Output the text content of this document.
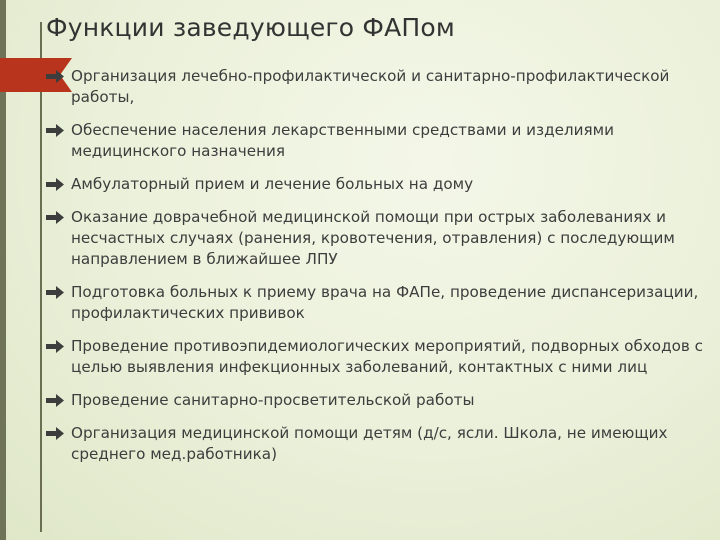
Функции заведующего ФАПом
Организация лечебно-профилактической и санитарно-профилактической работы,
Обеспечение населения лекарственными средствами и изделиями медицинского назначения
Амбулаторный прием и лечение больных на дому
Оказание доврачебной медицинской помощи при острых заболеваниях и несчастных случаях (ранения, кровотечения, отравления) с последующим направлением в ближайшее ЛПУ
Подготовка больных к приему врача на ФАПе, проведение диспансеризации, профилактических прививок
Проведение противоэпидемиологических мероприятий, подворных обходов с целью выявления инфекционных заболеваний, контактных с ними лиц
Проведение санитарно-просветительской работы
Организация медицинской помощи детям (д/с, ясли. Школа, не имеющих среднего мед.работника)
